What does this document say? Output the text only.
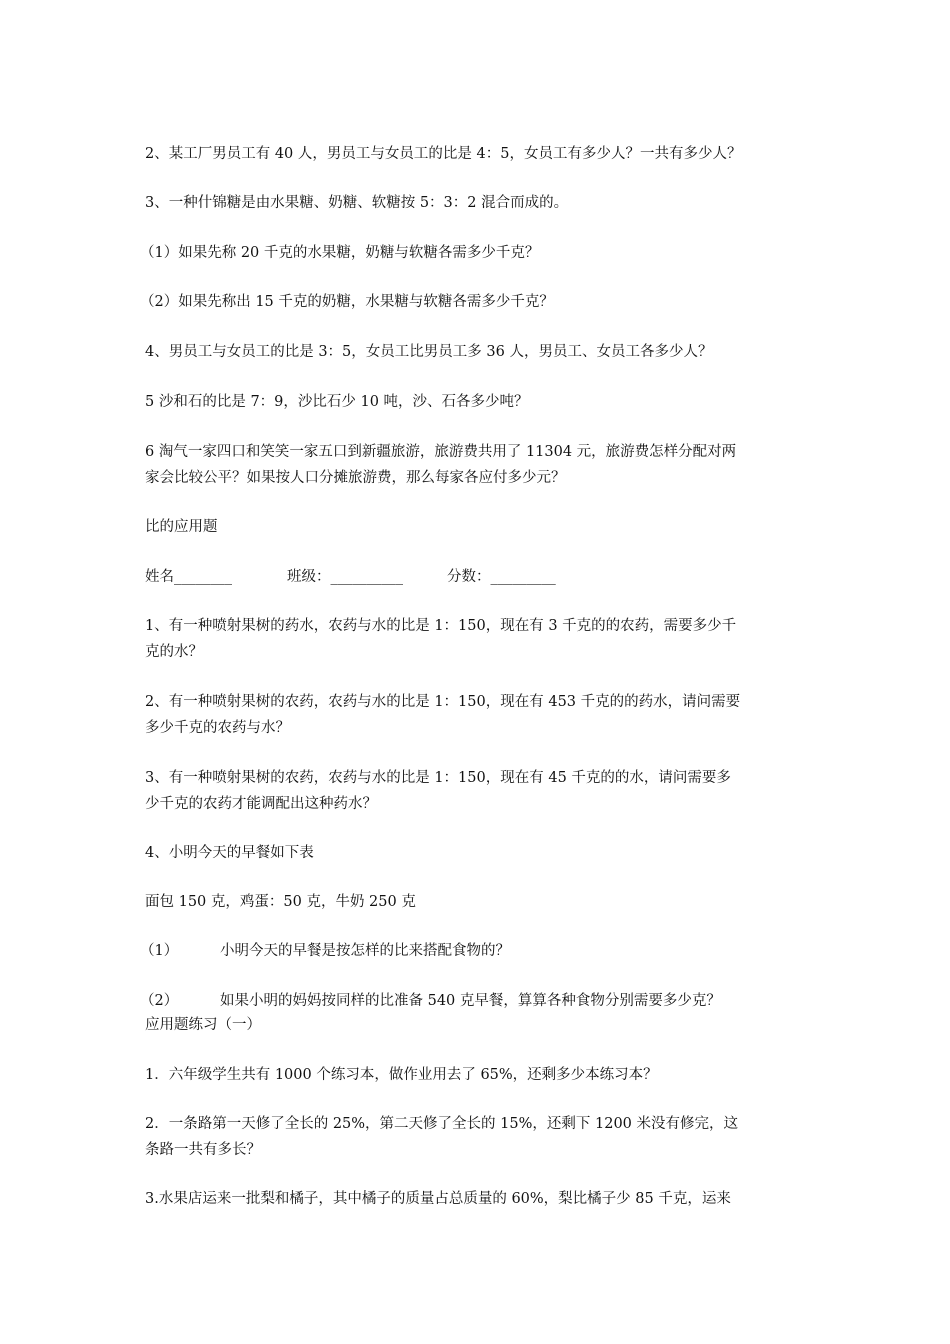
2、某工厂男员工有 40 人，男员工与女员工的比是 4：5，女员工有多少人？一共有多少人？
3、一种什锦糖是由水果糖、奶糖、软糖按 5：3：2 混合而成的。
（1）如果先称 20 千克的水果糖，奶糖与软糖各需多少千克？
（2）如果先称出 15 千克的奶糖，水果糖与软糖各需多少千克？
4、男员工与女员工的比是 3：5，女员工比男员工多 36 人，男员工、女员工各多少人？
5 沙和石的比是 7：9，沙比石少 10 吨，沙、石各多少吨？
6 淘气一家四口和笑笑一家五口到新疆旅游，旅游费共用了 11304 元，旅游费怎样分配对两
家会比较公平？如果按人口分摊旅游费，那么每家各应付多少元？
比的应用题
姓名________	班级：__________	分数：_________
1、有一种喷射果树的药水，农药与水的比是 1：150，现在有 3 千克的的农药，需要多少千
克的水？
2、有一种喷射果树的农药，农药与水的比是 1：150，现在有 453 千克的的药水，请问需要
多少千克的农药与水？
3、有一种喷射果树的农药，农药与水的比是 1：150，现在有 45 千克的的水，请问需要多
少千克的农药才能调配出这种药水？
4、小明今天的早餐如下表
面包 150 克，鸡蛋：50 克，牛奶 250 克
（1）	小明今天的早餐是按怎样的比来搭配食物的？
（2）	如果小明的妈妈按同样的比准备 540 克早餐，算算各种食物分别需要多少克？
应用题练习（一）
1．六年级学生共有 1000 个练习本，做作业用去了 65%，还剩多少本练习本？
2．一条路第一天修了全长的 25%，第二天修了全长的 15%，还剩下 1200 米没有修完，这
条路一共有多长？
3.水果店运来一批梨和橘子，其中橘子的质量占总质量的 60%，梨比橘子少 85 千克，运来
